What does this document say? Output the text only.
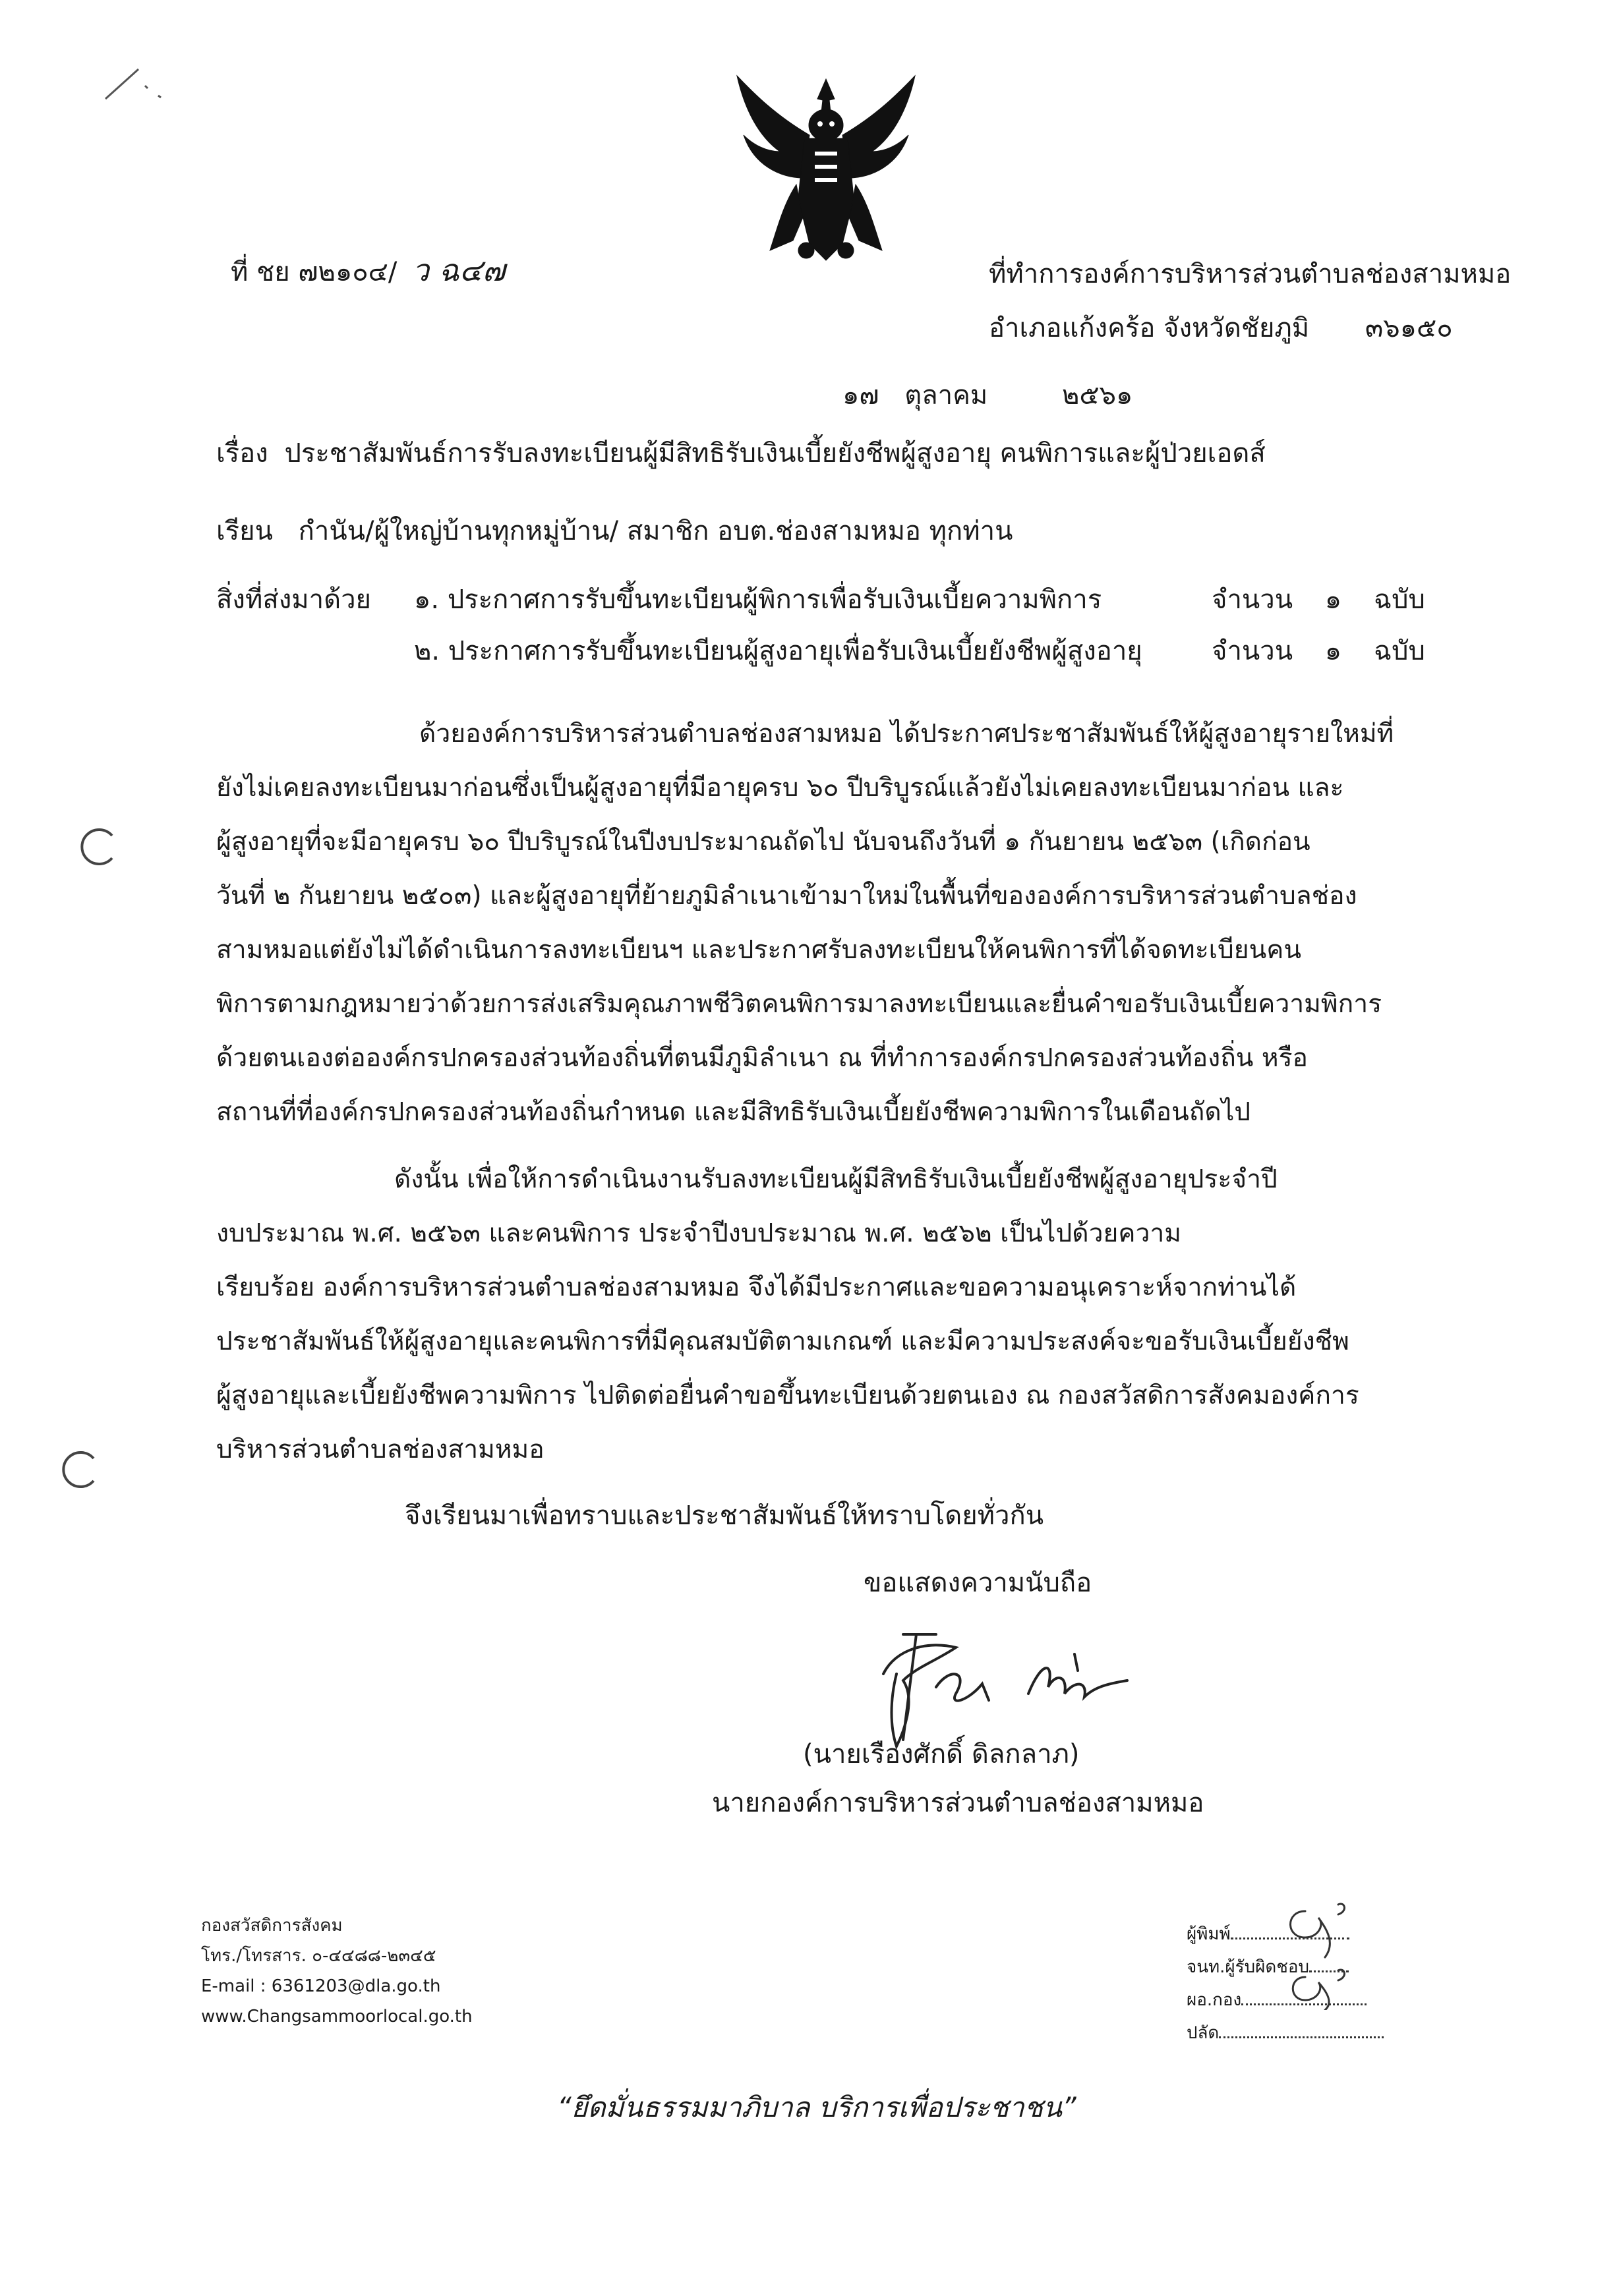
ที่ ชย ๗๒๑๐๔/ ว ฉ๔๗	ที่ทำการองค์การบริหารส่วนตำบลช่องสามหมอ
อำเภอแก้งคร้อ จังหวัดชัยภูมิ ๓๖๑๕๐
๑๗ ตุลาคม	๒๕๖๑
เรื่อง ประชาสัมพันธ์การรับลงทะเบียนผู้มีสิทธิรับเงินเบี้ยยังชีพผู้สูงอายุ คนพิการและผู้ป่วยเอดส์
เรียน กำนัน/ผู้ใหญ่บ้านทุกหมู่บ้าน/ สมาชิก อบต.ช่องสามหมอ ทุกท่าน
สิ่งที่ส่งมาด้วย ๑. ประกาศการรับขึ้นทะเบียนผู้พิการเพื่อรับเงินเบี้ยความพิการ	จำนวน ๑ ฉบับ
๒. ประกาศการรับขึ้นทะเบียนผู้สูงอายุเพื่อรับเงินเบี้ยยังชีพผู้สูงอายุ	จำนวน ๑ ฉบับ
ด้วยองค์การบริหารส่วนตำบลช่องสามหมอ ได้ประกาศประชาสัมพันธ์ให้ผู้สูงอายุรายใหม่ที่
ยังไม่เคยลงทะเบียนมาก่อนซึ่งเป็นผู้สูงอายุที่มีอายุครบ ๖๐ ปีบริบูรณ์แล้วยังไม่เคยลงทะเบียนมาก่อน และ
ผู้สูงอายุที่จะมีอายุครบ ๖๐ ปีบริบูรณ์ในปีงบประมาณถัดไป นับจนถึงวันที่ ๑ กันยายน ๒๕๖๓ (เกิดก่อน
วันที่ ๒ กันยายน ๒๕๐๓) และผู้สูงอายุที่ย้ายภูมิลำเนาเข้ามาใหม่ในพื้นที่ขององค์การบริหารส่วนตำบลช่อง
สามหมอแต่ยังไม่ได้ดำเนินการลงทะเบียนฯ และประกาศรับลงทะเบียนให้คนพิการที่ได้จดทะเบียนคน
พิการตามกฎหมายว่าด้วยการส่งเสริมคุณภาพชีวิตคนพิการมาลงทะเบียนและยื่นคำขอรับเงินเบี้ยความพิการ
ด้วยตนเองต่อองค์กรปกครองส่วนท้องถิ่นที่ตนมีภูมิลำเนา ณ ที่ทำการองค์กรปกครองส่วนท้องถิ่น หรือ
สถานที่ที่องค์กรปกครองส่วนท้องถิ่นกำหนด และมีสิทธิรับเงินเบี้ยยังชีพความพิการในเดือนถัดไป
ดังนั้น เพื่อให้การดำเนินงานรับลงทะเบียนผู้มีสิทธิรับเงินเบี้ยยังชีพผู้สูงอายุประจำปี
งบประมาณ พ.ศ. ๒๕๖๓ และคนพิการ ประจำปีงบประมาณ พ.ศ. ๒๕๖๒ เป็นไปด้วยความ
เรียบร้อย องค์การบริหารส่วนตำบลช่องสามหมอ จึงได้มีประกาศและขอความอนุเคราะห์จากท่านได้
ประชาสัมพันธ์ให้ผู้สูงอายุและคนพิการที่มีคุณสมบัติตามเกณฑ์ และมีความประสงค์จะขอรับเงินเบี้ยยังชีพ
ผู้สูงอายุและเบี้ยยังชีพความพิการ ไปติดต่อยื่นคำขอขึ้นทะเบียนด้วยตนเอง ณ กองสวัสดิการสังคมองค์การ
บริหารส่วนตำบลช่องสามหมอ
จึงเรียนมาเพื่อทราบและประชาสัมพันธ์ให้ทราบโดยทั่วกัน
ขอแสดงความนับถือ
(นายเรืองศักดิ์ ดิลกลาภ)
นายกองค์การบริหารส่วนตำบลช่องสามหมอ
กองสวัสดิการสังคม
โทร./โทรสาร. ๐-๔๔๘๘-๒๓๔๕
E-mail : 6361203@dla.go.th
www.Changsammoorlocal.go.th
ผู้พิมพ์
จนท.ผู้รับผิดชอบ
ผอ.กอง
ปลัด
“ยึดมั่นธรรมมาภิบาล บริการเพื่อประชาชน”
